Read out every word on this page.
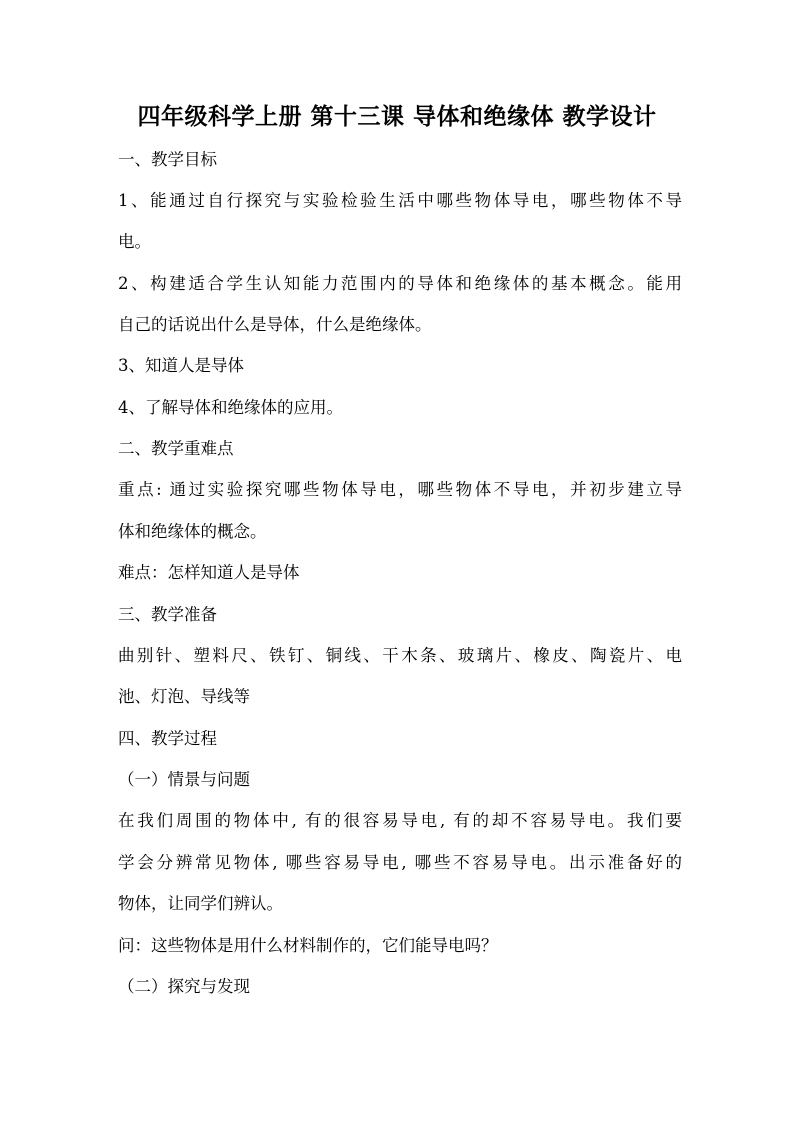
四年级科学上册 第十三课 导体和绝缘体 教学设计

一、教学目标

1、能通过自行探究与实验检验生活中哪些物体导电，哪些物体不导

电。

2、构建适合学生认知能力范围内的导体和绝缘体的基本概念。能用

自己的话说出什么是导体，什么是绝缘体。

3、知道人是导体

4、了解导体和绝缘体的应用。

二、教学重难点

重点: 通过实验探究哪些物体导电，哪些物体不导电，并初步建立导

体和绝缘体的概念。

难点：怎样知道人是导体

三、教学准备

曲别针、塑料尺、铁钉、铜线、干木条、玻璃片、橡皮、陶瓷片、电

池、灯泡、导线等

四、教学过程

（一）情景与问题

在我们周围的物体中, 有的很容易导电, 有的却不容易导电。我们要

学会分辨常见物体, 哪些容易导电, 哪些不容易导电。出示准备好的

物体，让同学们辨认。

问：这些物体是用什么材料制作的，它们能导电吗？

（二）探究与发现
